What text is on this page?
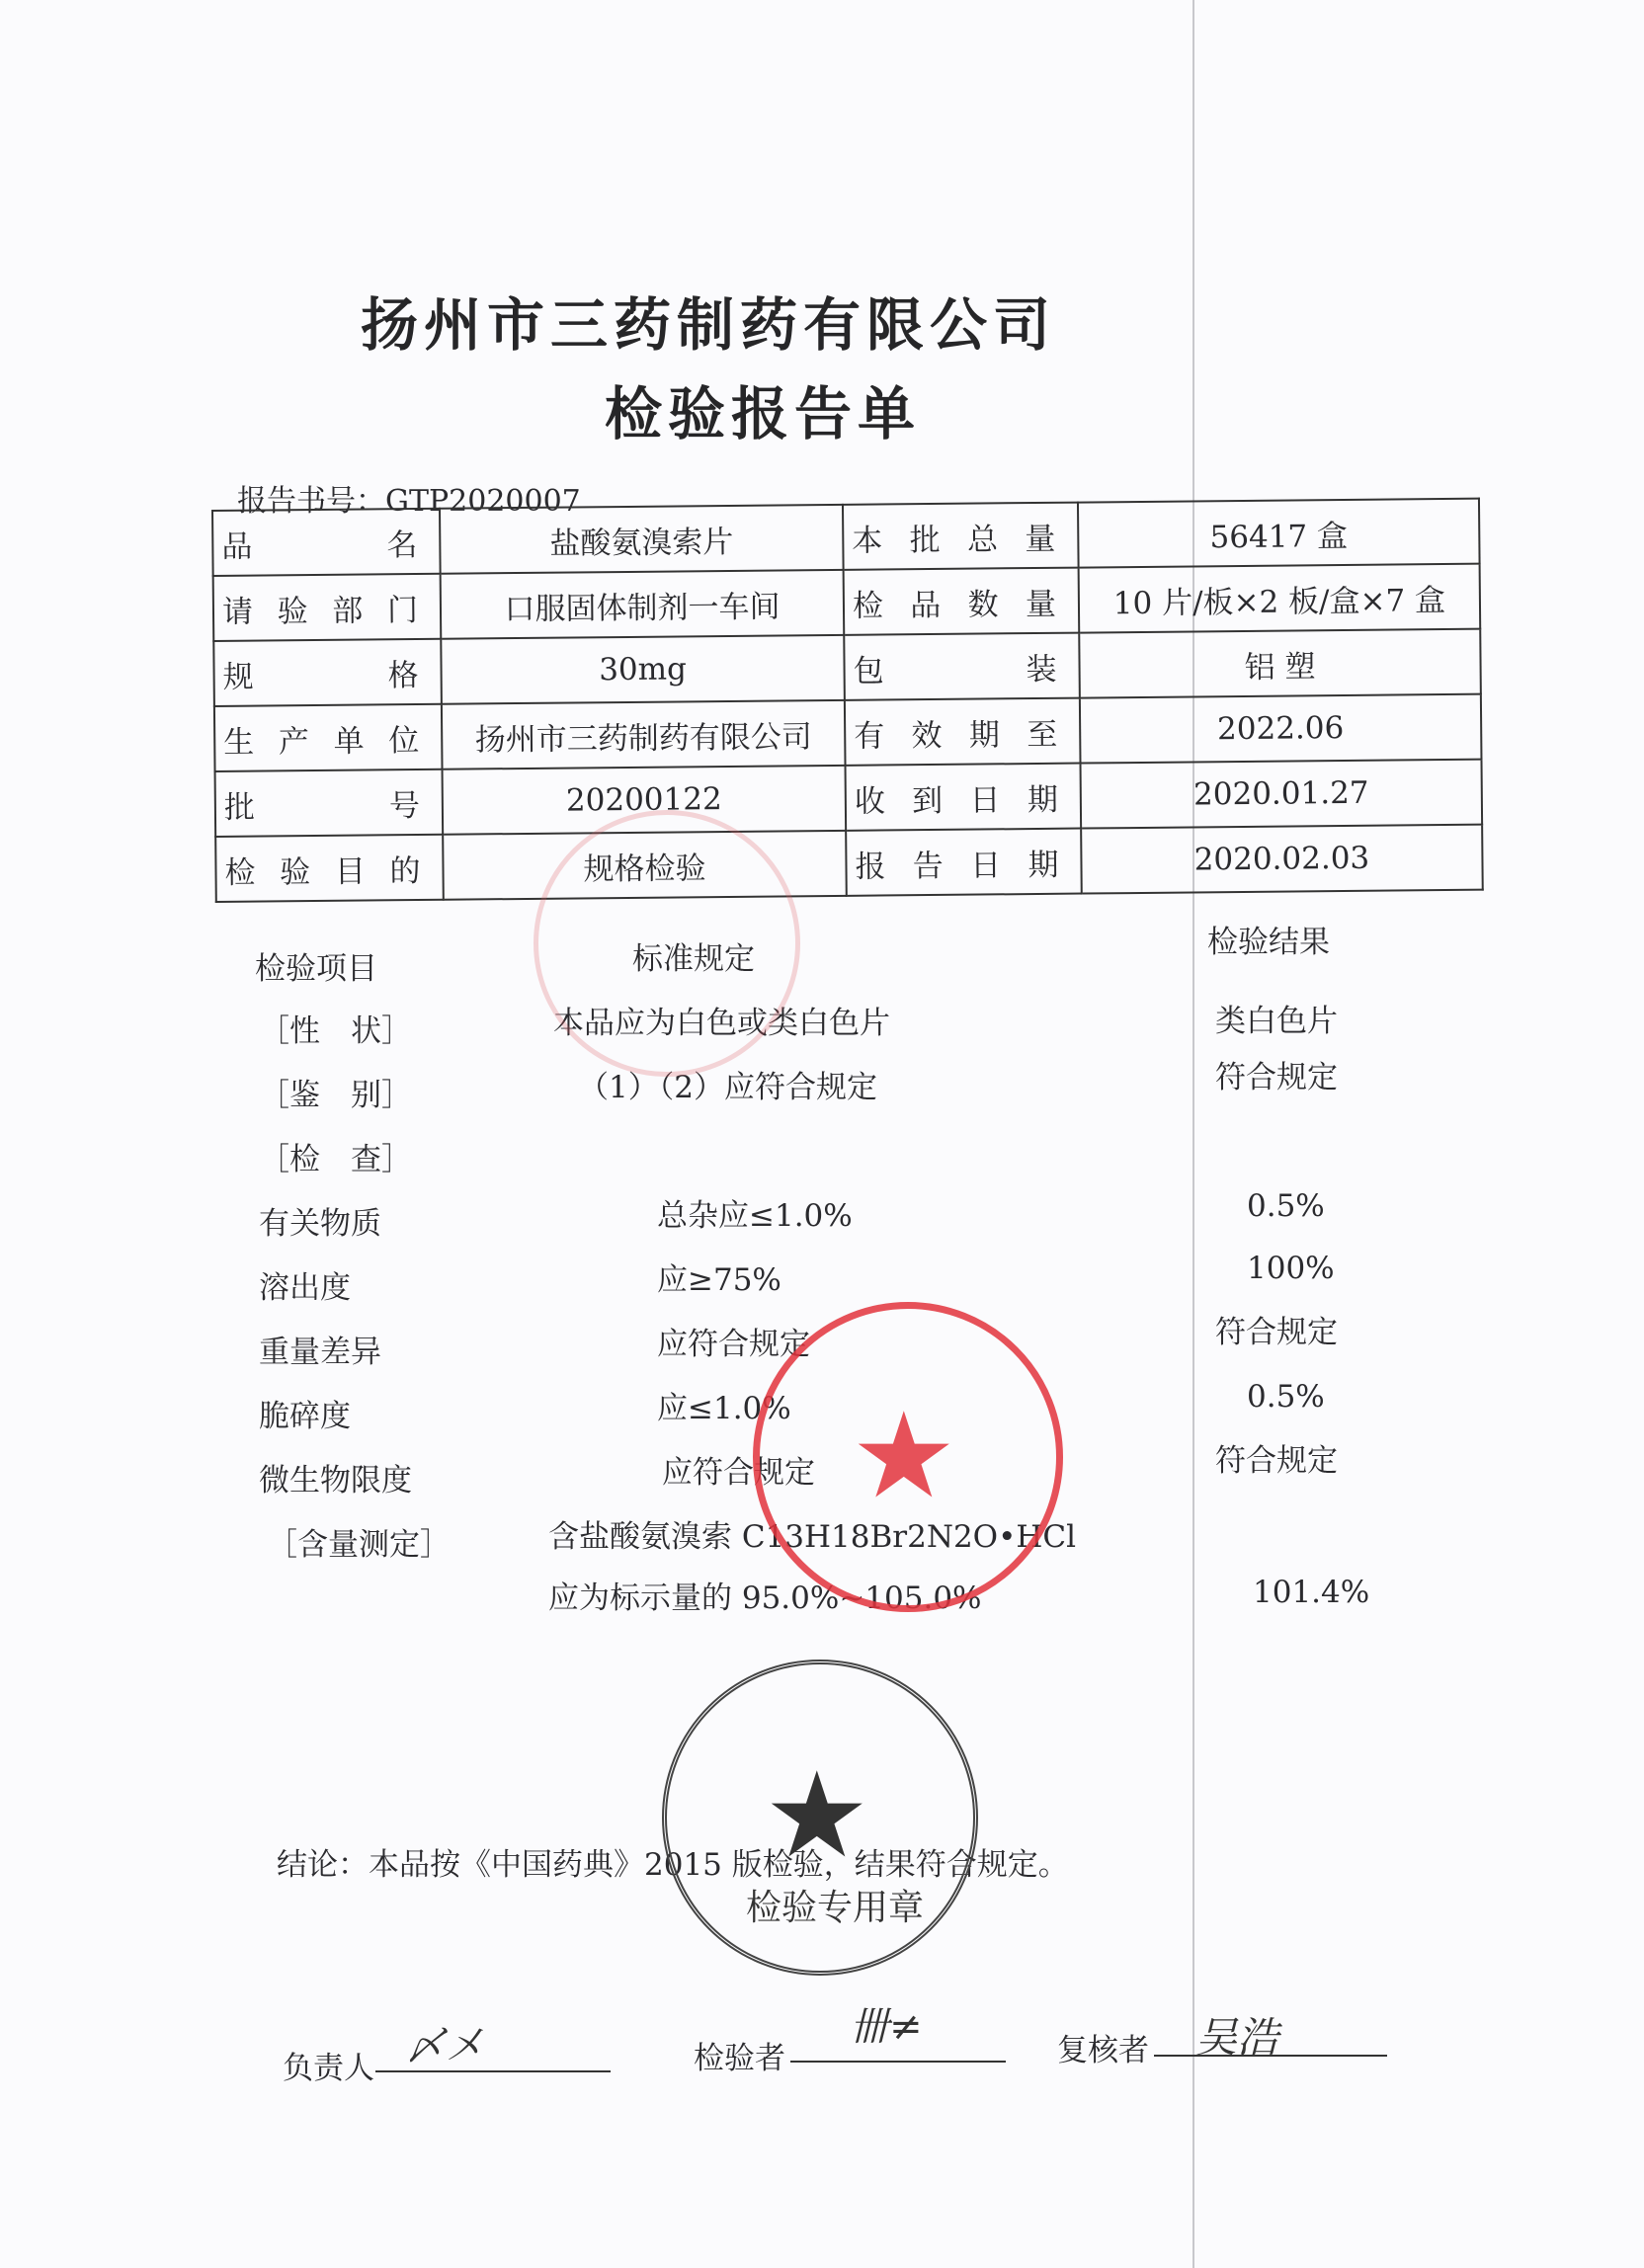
扬州市三药制药有限公司
检验报告单
报告书号：GTP2020007
品 名	盐酸氨溴索片	本批总量	56417 盒
请验部门	口服固体制剂一车间	检品数量	10 片/板×2 板/盒×7 盒
规 格	30mg	包 装	铝 塑
生产单位	扬州市三药制药有限公司	有效期至	2022.06
批 号	20200122	收到日期	2020.01.27
检验目的	规格检验	报告日期	2020.02.03
检验项目	标准规定	检验结果
［性　状］	本品应为白色或类白色片	类白色片
［鉴　别］	（1）（2）应符合规定	符合规定
［检　查］
有关物质	总杂应≤1.0%	0.5%
溶出度	应≥75%	100%
重量差异	应符合规定	符合规定
脆碎度	应≤1.0%	0.5%
微生物限度	应符合规定	符合规定
［含量测定］	含盐酸氨溴索 C13H18Br2N2O•HCl
应为标示量的 95.0%~105.0%	101.4%
结论：本品按《中国药典》2015 版检验，结果符合规定。
负责人 〆㐅	检验者
卌≠
复核者 吴浩
★
★
检验专用章
